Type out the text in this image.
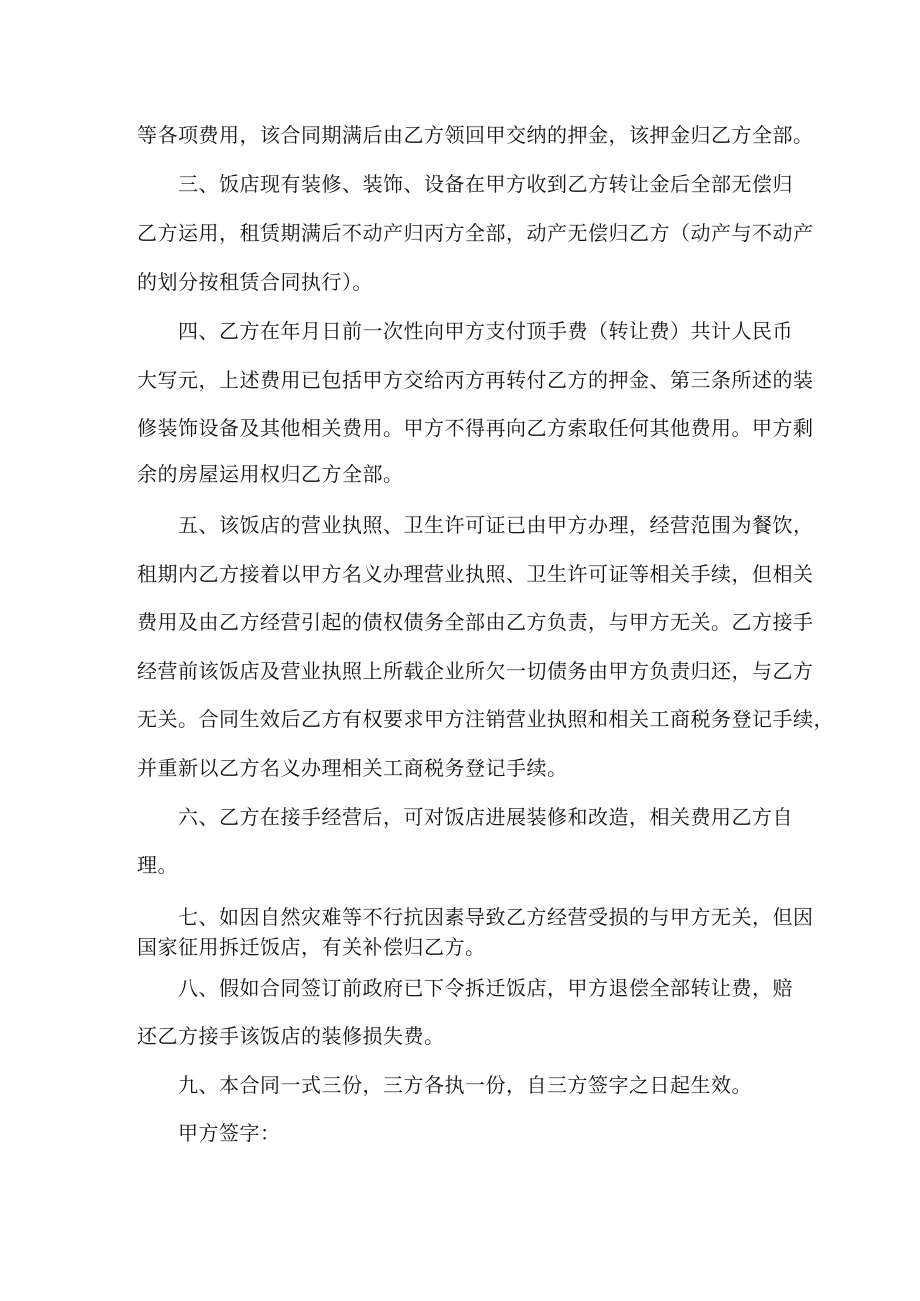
等各项费用，该合同期满后由乙方领回甲交纳的押金，该押金归乙方全部。
三、饭店现有装修、装饰、设备在甲方收到乙方转让金后全部无偿归
乙方运用，租赁期满后不动产归丙方全部，动产无偿归乙方（动产与不动产
的划分按租赁合同执行）。
四、乙方在年月日前一次性向甲方支付顶手费（转让费）共计人民币
大写元，上述费用已包括甲方交给丙方再转付乙方的押金、第三条所述的装
修装饰设备及其他相关费用。甲方不得再向乙方索取任何其他费用。甲方剩
余的房屋运用权归乙方全部。
五、该饭店的营业执照、卫生许可证已由甲方办理，经营范围为餐饮，
租期内乙方接着以甲方名义办理营业执照、卫生许可证等相关手续，但相关
费用及由乙方经营引起的债权债务全部由乙方负责，与甲方无关。乙方接手
经营前该饭店及营业执照上所载企业所欠一切债务由甲方负责归还，与乙方
无关。合同生效后乙方有权要求甲方注销营业执照和相关工商税务登记手续，
并重新以乙方名义办理相关工商税务登记手续。
六、乙方在接手经营后，可对饭店进展装修和改造，相关费用乙方自
理。
七、如因自然灾难等不行抗因素导致乙方经营受损的与甲方无关，但因
国家征用拆迁饭店，有关补偿归乙方。
八、假如合同签订前政府已下令拆迁饭店，甲方退偿全部转让费，赔
还乙方接手该饭店的装修损失费。
九、本合同一式三份，三方各执一份，自三方签字之日起生效。
甲方签字：
